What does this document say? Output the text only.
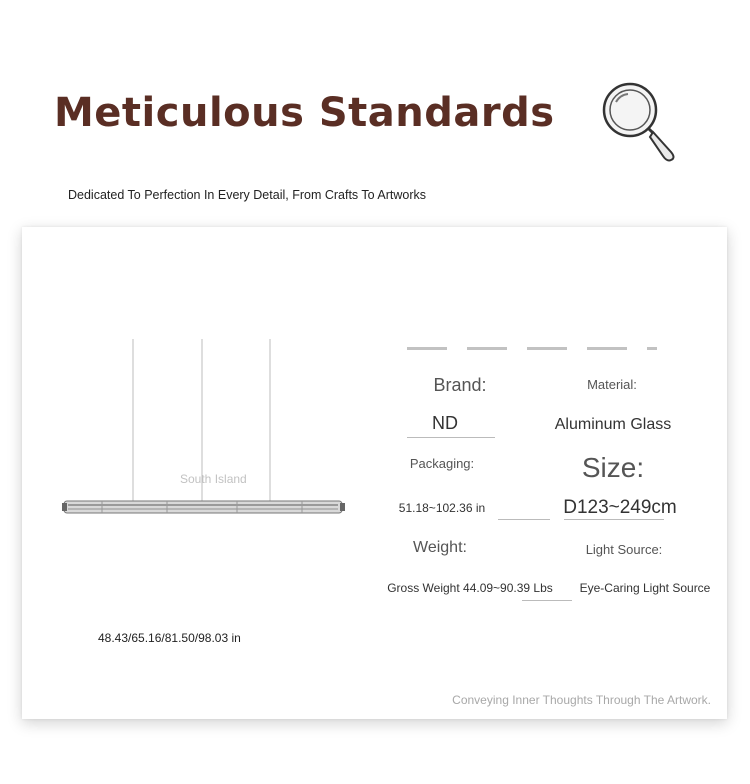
Meticulous Standards
Dedicated To Perfection In Every Detail, From Crafts To Artworks
South Island
48.43/65.16/81.50/98.03 in
Brand:	Material:
ND	Aluminum Glass
Packaging:	Size:
51.18~102.36 in	D123~249cm
Weight:	Light Source:
Gross Weight 44.09~90.39 Lbs	Eye-Caring Light Source
Conveying Inner Thoughts Through The Artwork.
